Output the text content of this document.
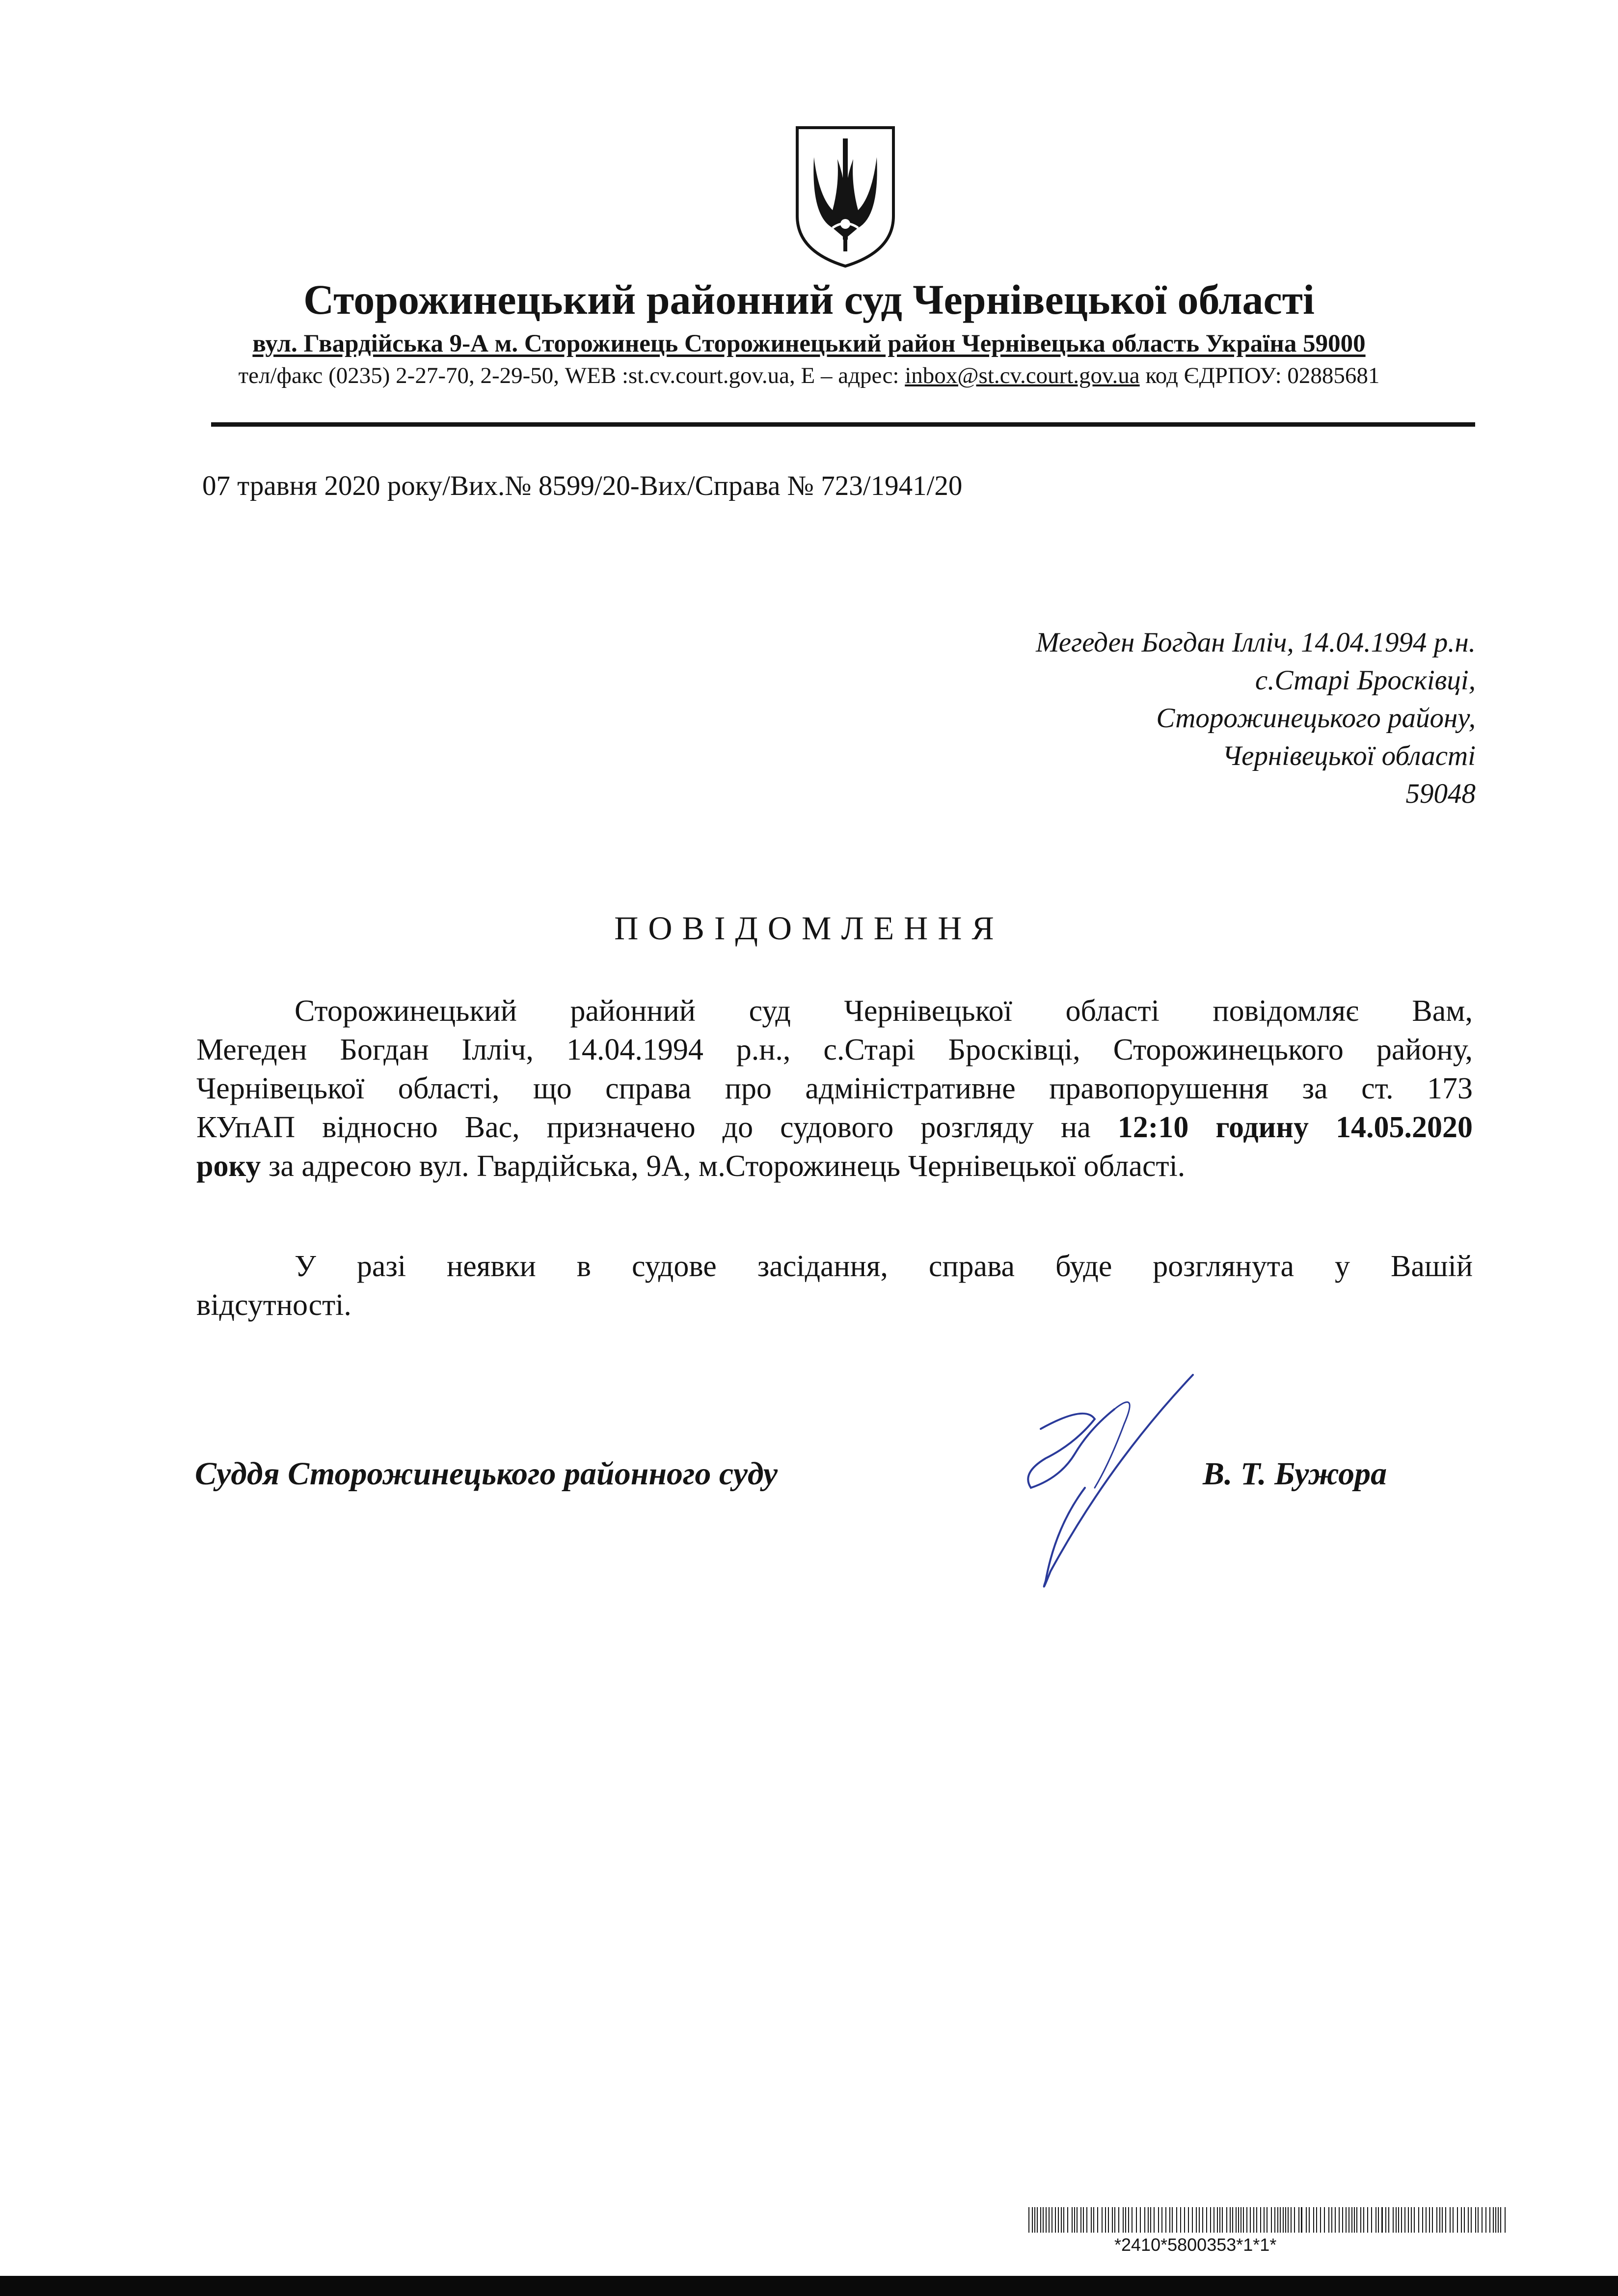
Сторожинецький районний суд Чернівецької області
вул. Гвардійська 9-А м. Сторожинець Сторожинецький район Чернівецька область Україна 59000
тел/факс (0235) 2-27-70, 2-29-50, WEB :st.cv.court.gov.ua, E – адрес: inbox@st.cv.court.gov.ua код ЄДРПОУ: 02885681
07 травня 2020 року/Вих.№ 8599/20-Вих/Справа № 723/1941/20
Мегеден Богдан Ілліч, 14.04.1994 р.н.
с.Старі Бросківці,
Сторожинецького району,
Чернівецької області
59048
ПОВІДОМЛЕННЯ
Сторожинецький районний суд Чернівецької області повідомляє Вам,
Мегеден Богдан Ілліч, 14.04.1994 р.н., с.Старі Бросківці, Сторожинецького району,
Чернівецької області, що справа про адміністративне правопорушення за ст. 173
КУпАП відносно Вас, призначено до судового розгляду на 12:10 годину 14.05.2020
року за адресою вул. Гвардійська, 9А, м.Сторожинець Чернівецької області.
У разі неявки в судове засідання, справа буде розглянута у Вашій
відсутності.
Суддя Сторожинецького районного суду	В. Т. Бужора
*2410*5800353*1*1*
